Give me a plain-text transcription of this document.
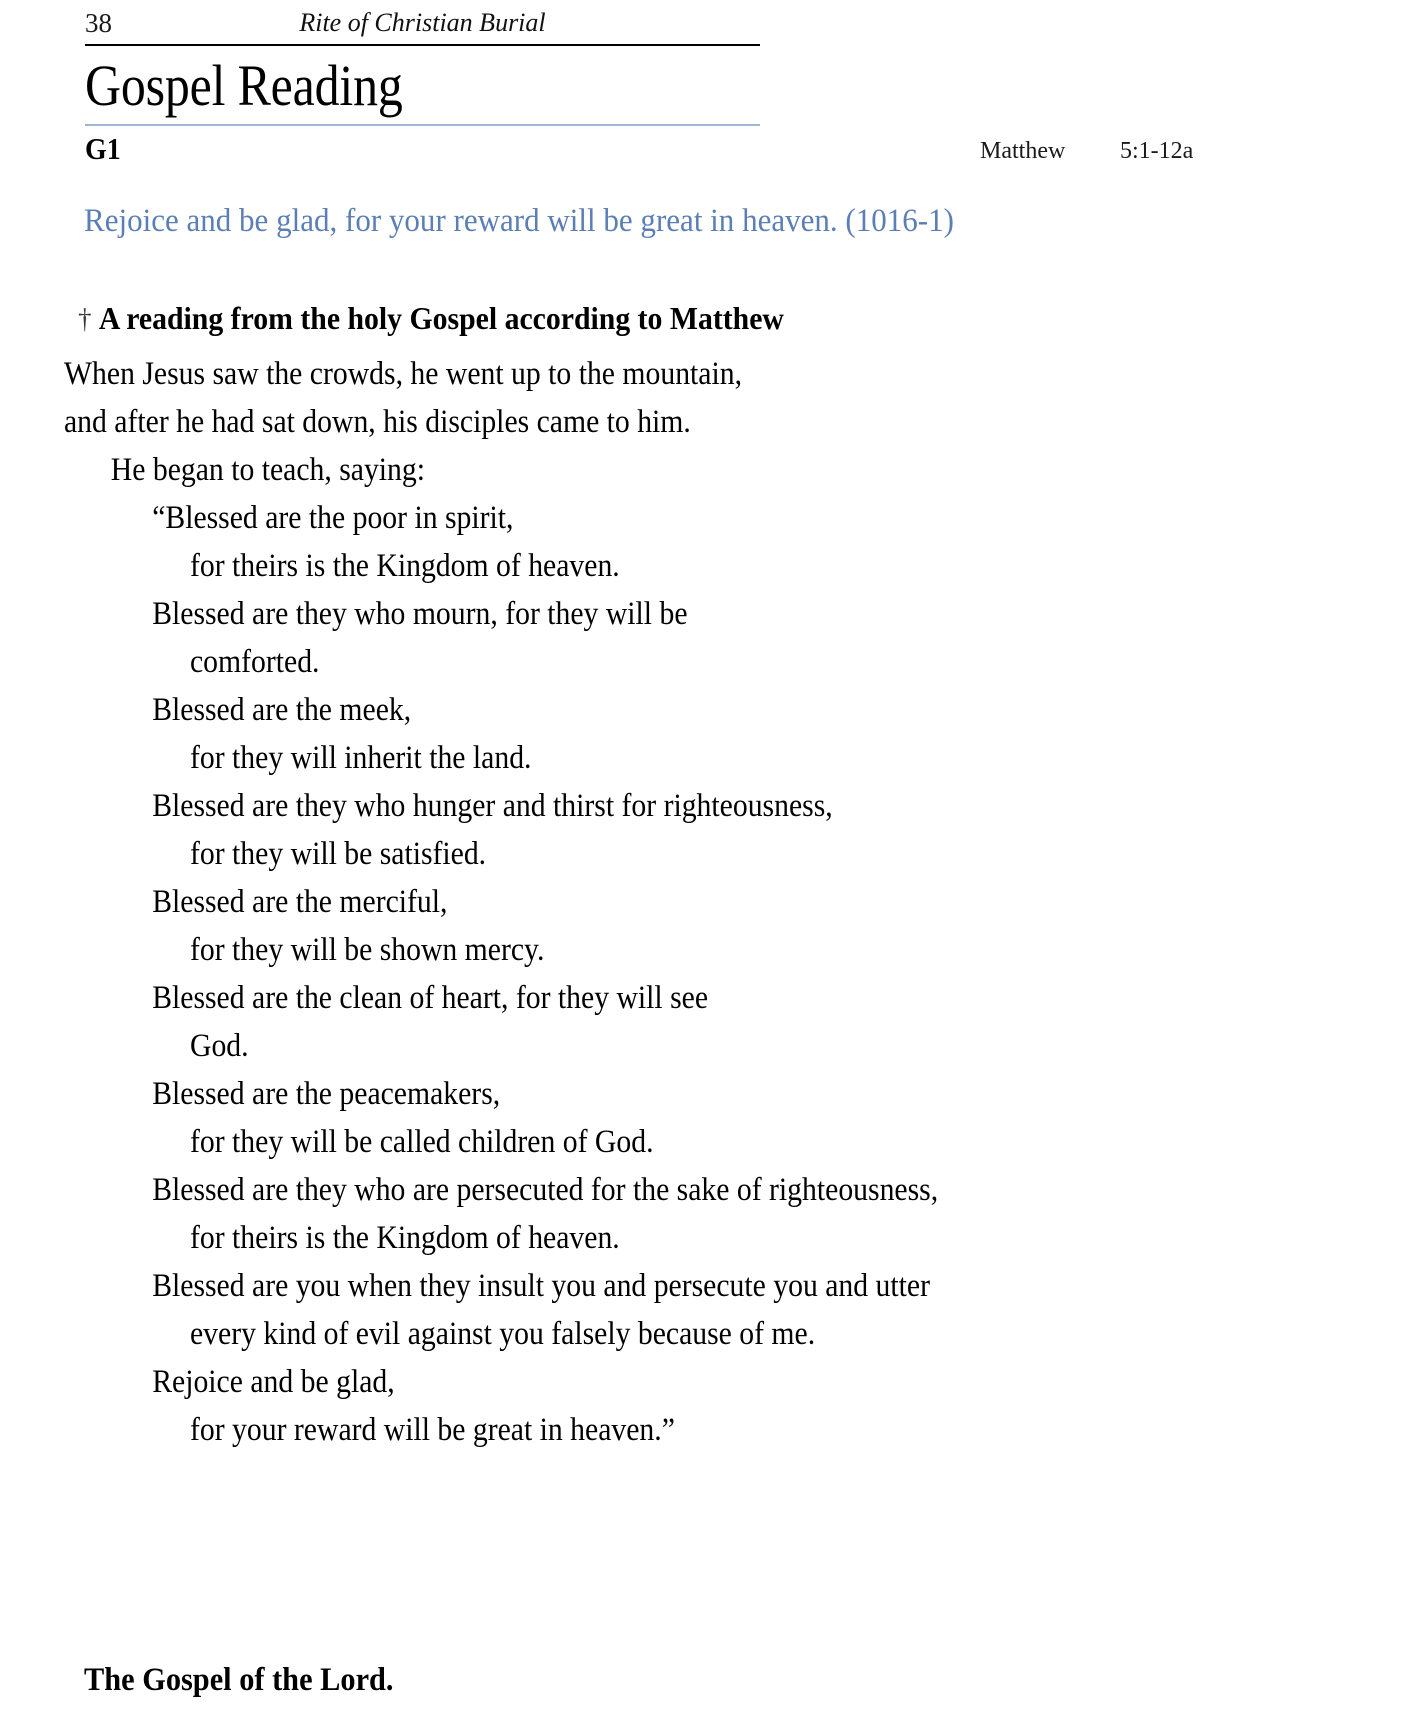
38	Rite of Christian Burial
Gospel Reading
G1	Matthew 5:1-12a
Rejoice and be glad, for your reward will be great in heaven. (1016-1)
† A reading from the holy Gospel according to Matthew
When Jesus saw the crowds, he went up to the mountain,
and after he had sat down, his disciples came to him.
He began to teach, saying:
“Blessed are the poor in spirit,
for theirs is the Kingdom of heaven.
Blessed are they who mourn, for they will be
comforted.
Blessed are the meek,
for they will inherit the land.
Blessed are they who hunger and thirst for righteousness,
for they will be satisfied.
Blessed are the merciful,
for they will be shown mercy.
Blessed are the clean of heart, for they will see
God.
Blessed are the peacemakers,
for they will be called children of God.
Blessed are they who are persecuted for the sake of righteousness,
for theirs is the Kingdom of heaven.
Blessed are you when they insult you and persecute you and utter
every kind of evil against you falsely because of me.
Rejoice and be glad,
for your reward will be great in heaven.”
The Gospel of the Lord.
